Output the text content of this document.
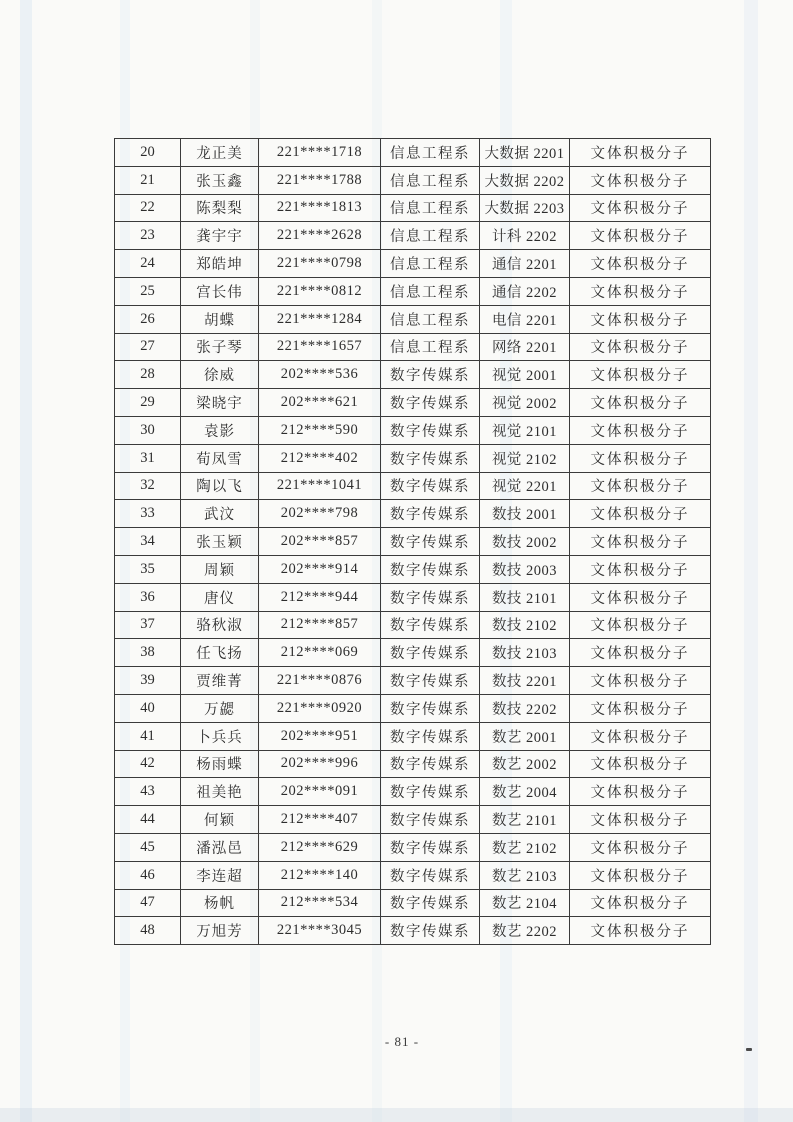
20	龙正美	221****1718	信息工程系	大数据 2201	文体积极分子
21	张玉鑫	221****1788	信息工程系	大数据 2202	文体积极分子
22	陈梨梨	221****1813	信息工程系	大数据 2203	文体积极分子
23	龚宇宇	221****2628	信息工程系	计科 2202	文体积极分子
24	郑皓坤	221****0798	信息工程系	通信 2201	文体积极分子
25	宫长伟	221****0812	信息工程系	通信 2202	文体积极分子
26	胡蝶	221****1284	信息工程系	电信 2201	文体积极分子
27	张子琴	221****1657	信息工程系	网络 2201	文体积极分子
28	徐威	202****536	数字传媒系	视觉 2001	文体积极分子
29	梁晓宇	202****621	数字传媒系	视觉 2002	文体积极分子
30	袁影	212****590	数字传媒系	视觉 2101	文体积极分子
31	荀凤雪	212****402	数字传媒系	视觉 2102	文体积极分子
32	陶以飞	221****1041	数字传媒系	视觉 2201	文体积极分子
33	武汶	202****798	数字传媒系	数技 2001	文体积极分子
34	张玉颖	202****857	数字传媒系	数技 2002	文体积极分子
35	周颖	202****914	数字传媒系	数技 2003	文体积极分子
36	唐仪	212****944	数字传媒系	数技 2101	文体积极分子
37	骆秋淑	212****857	数字传媒系	数技 2102	文体积极分子
38	任飞扬	212****069	数字传媒系	数技 2103	文体积极分子
39	贾维菁	221****0876	数字传媒系	数技 2201	文体积极分子
40	万勰	221****0920	数字传媒系	数技 2202	文体积极分子
41	卜兵兵	202****951	数字传媒系	数艺 2001	文体积极分子
42	杨雨蝶	202****996	数字传媒系	数艺 2002	文体积极分子
43	祖美艳	202****091	数字传媒系	数艺 2004	文体积极分子
44	何颖	212****407	数字传媒系	数艺 2101	文体积极分子
45	潘泓邑	212****629	数字传媒系	数艺 2102	文体积极分子
46	李连超	212****140	数字传媒系	数艺 2103	文体积极分子
47	杨帆	212****534	数字传媒系	数艺 2104	文体积极分子
48	万旭芳	221****3045	数字传媒系	数艺 2202	文体积极分子
- 81 -
